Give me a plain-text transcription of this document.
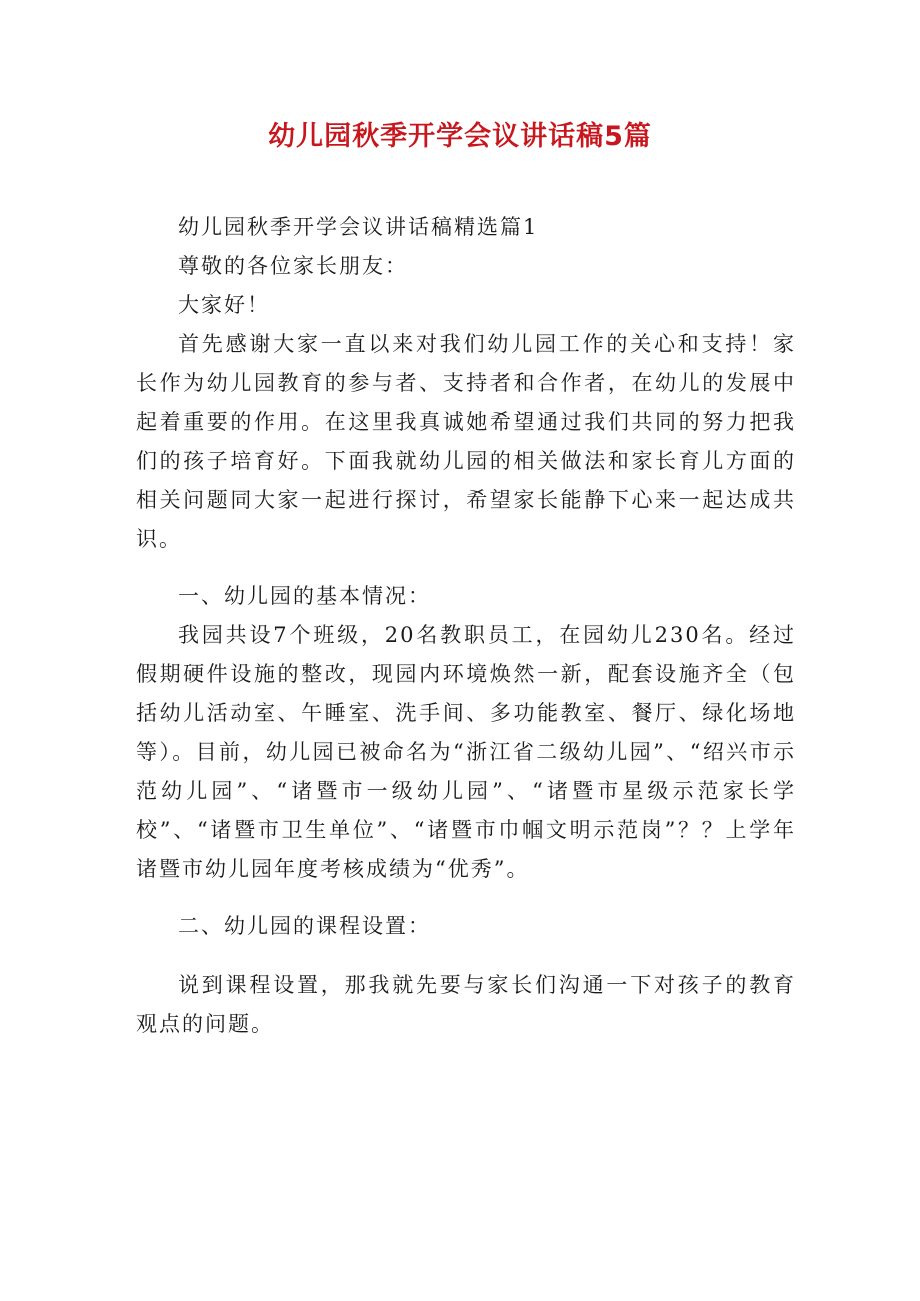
幼儿园秋季开学会议讲话稿5篇

幼儿园秋季开学会议讲话稿精选篇1

尊敬的各位家长朋友：

大家好！

首先感谢大家一直以来对我们幼儿园工作的关心和支持！家长作为幼儿园教育的参与者、支持者和合作者，在幼儿的发展中起着重要的作用。在这里我真诚她希望通过我们共同的努力把我们的孩子培育好。下面我就幼儿园的相关做法和家长育儿方面的相关问题同大家一起进行探讨，希望家长能静下心来一起达成共识。

一、幼儿园的基本情况：

我园共设7个班级，20名教职员工，在园幼儿230名。经过假期硬件设施的整改，现园内环境焕然一新，配套设施齐全（包括幼儿活动室、午睡室、洗手间、多功能教室、餐厅、绿化场地等）。目前，幼儿园已被命名为“浙江省二级幼儿园”、“绍兴市示范幼儿园”、“诸暨市一级幼儿园”、“诸暨市星级示范家长学校”、“诸暨市卫生单位”、“诸暨市巾帼文明示范岗”？？上学年诸暨市幼儿园年度考核成绩为“优秀”。

二、幼儿园的课程设置：

说到课程设置，那我就先要与家长们沟通一下对孩子的教育观点的问题。
